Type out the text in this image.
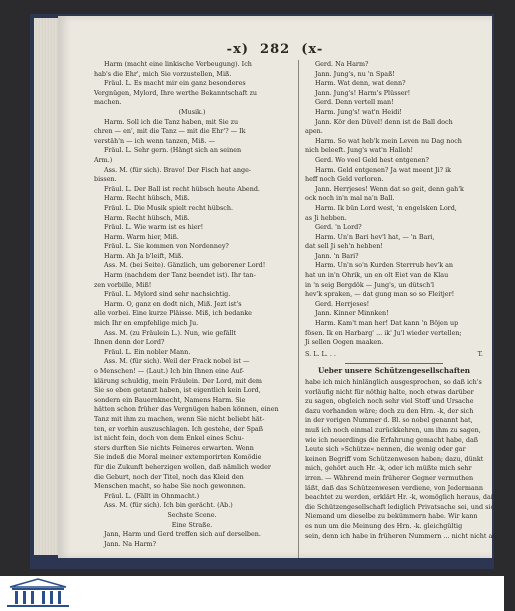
-x) 282 (x-
Harm (macht eine linkische Verbeugung). Ich
hab's die Ehr', mich Sie vorzustellen, Miß.
Fräul. L. Es macht mir ein ganz besonderes
Vergnügen, Mylord, Ihre werthe Bekanntschaft zu
machen.
(Musik.)
Harm. Soll ich die Tanz haben, mit Sie zu
chren — en', mit die Tanz — mit die Ehr'? — Ik
verstäh'n — ich wenn tanzen, Miß. —
Fräul. L. Sehr gern. (Hängt sich an seinen
Arm.)
Ass. M. (für sich). Bravo! Der Fisch hat ange-
bissen.
Fräul. L. Der Ball ist recht hübsch heute Abend.
Harm. Recht hübsch, Miß.
Fräul. L. Die Musik spielt recht hübsch.
Harm. Recht hübsch, Miß.
Fräul. L. Wie warm ist es hier!
Harm. Warm hier, Miß.
Fräul. L. Sie kommen von Nordenney?
Harm. Ah Ja b'leift, Miß.
Ass. M. (bei Seite). Gänzlich, um geborener Lord!
Harm (nachdem der Tanz beendet ist). Ihr tan-
zen vorbille, Miß!
Fräul. L. Mylord sind sehr nachsichtig.
Harm. O, ganz en dodt nich, Miß. Jezt ist's
alle vorbei. Eine kurze Pläisse. Miß, ich bedanke
mich Ihr en empfehlige mich Ju.
Ass. M. (zu Fräulein L.). Nun, wie gefällt
Ihnen denn der Lord?
Fräul. L. Ein nobler Mann.
Ass. M. (für sich). Weil der Frack nobel ist —
o Menschen! — (Laut.) Ich bin Ihnen eine Auf-
klärung schuldig, mein Fräulein. Der Lord, mit dem
Sie so eben getanzt haben, ist eigentlich kein Lord,
sondern ein Bauernknecht, Namens Harm. Sie
hätten schon früher das Vergnügen haben können, einen
Tanz mit ihm zu machen, wenn Sie nicht beliebt hät-
ten, er vorhin auszuschlagen. Ich gestehe, der Spaß
ist nicht fein, doch von dem Enkel eines Schu-
sters durften Sie nichts Feineres erwarten. Wenn
Sie indeß die Moral meiner extemporirten Komödie
für die Zukunft beherzigen wollen, daß nämlich weder
die Geburt, noch der Titel, noch das Kleid den
Menschen macht, so habe Sie noch gewonnen.
Fräul. L. (Fällt in Ohnmacht.)
Ass. M. (für sich). Ich bin gerächt. (Ab.)
Sechste Scene.
Eine Straße.
Jann, Harm und Gerd treffen sich auf derselben.
Jann. Na Harm?
Gerd. Na Harm?
Jann. Jung's, nu 'n Spaß!
Harm. Wat denn, wat denn?
Jann. Jung's! Harm's Plüsser!
Gerd. Denn vertell man!
Harm. Jung's! wat'n Heidi!
Jann. Kör den Düvel! denn ist de Ball doch
apen.
Harm. So wat heb'k mein Leven nu Dag noch
nich beleeft. Jung's wat'n Halloh!
Gerd. Wo veel Geld hest entgenen?
Harm. Geld entgenen? Ja wat meent Ji? ik
heff noch Geld verloren.
Jann. Herrjeses! Wenn dat so geit, denn gah'k
ock noch in'n mal na'n Ball.
Harm. Ik bün Lord west, 'n engelsken Lord,
as Ji hebben.
Gerd. 'n Lord?
Harm. Un'n Bari hev'l hat, — 'n Bari,
dat sell Ji seh'n hebben!
Jann. 'n Bari?
Harm. Un'n so'n Kurden Sterrrub hev'k an
hat un in'n Ohrik, un en olt Eiet van de Klau
in 'n seig Bergdök — Jung's, un dütsch'l
hev'k spraken, — dat gung man so so Fleitjer!
Gerd. Herrjeses!
Jann. Kinner Minnken!
Harm. Kam't man her! Dat kann 'n Böjen up
fösen. Ik en Harbarg' ... ik' Ju'l wieder vertellen;
Ji sellen Oogen maaken.
S. L. L. . .	T.
Ueber unsere Schützengesellschaften
habe ich mich hinlänglich ausgesprochen, so daß ich's
vorläufig nicht für nöthig halte, noch etwas darüber
zu sagen, obgleich noch sehr viel Stoff und Ursache
dazu vorhanden wäre; doch zu den Hrn. -k, der sich
in der vorigen Nummer d. Bl. so nobel genannt hat,
muß ich noch einmal zurückkehren, um ihm zu sagen,
wie ich neuerdings die Erfahrung gemacht habe, daß
Leute sich »Schütze« nennen, die wenig oder gar
keinen Begriff vom Schützenwesen haben; dazu, dünkt
mich, gehört auch Hr. -k, oder ich müßte mich sehr
irren. — Während mein früherer Gegner vermuthen
läßt, daß das Schützenwesen verdiene, von Jedermann
beachtet zu werden, erklärt Hr. -k, womöglich heraus, daß
die Schützengesellschaft lediglich Privatsache sei, und sich
Niemand um dieselbe zu bekümmern habe. Wir kann
es nun um die Meinung des Hrn. -k. gleichgültig
sein, denn ich habe in früheren Nummern ... nicht nicht allein —
